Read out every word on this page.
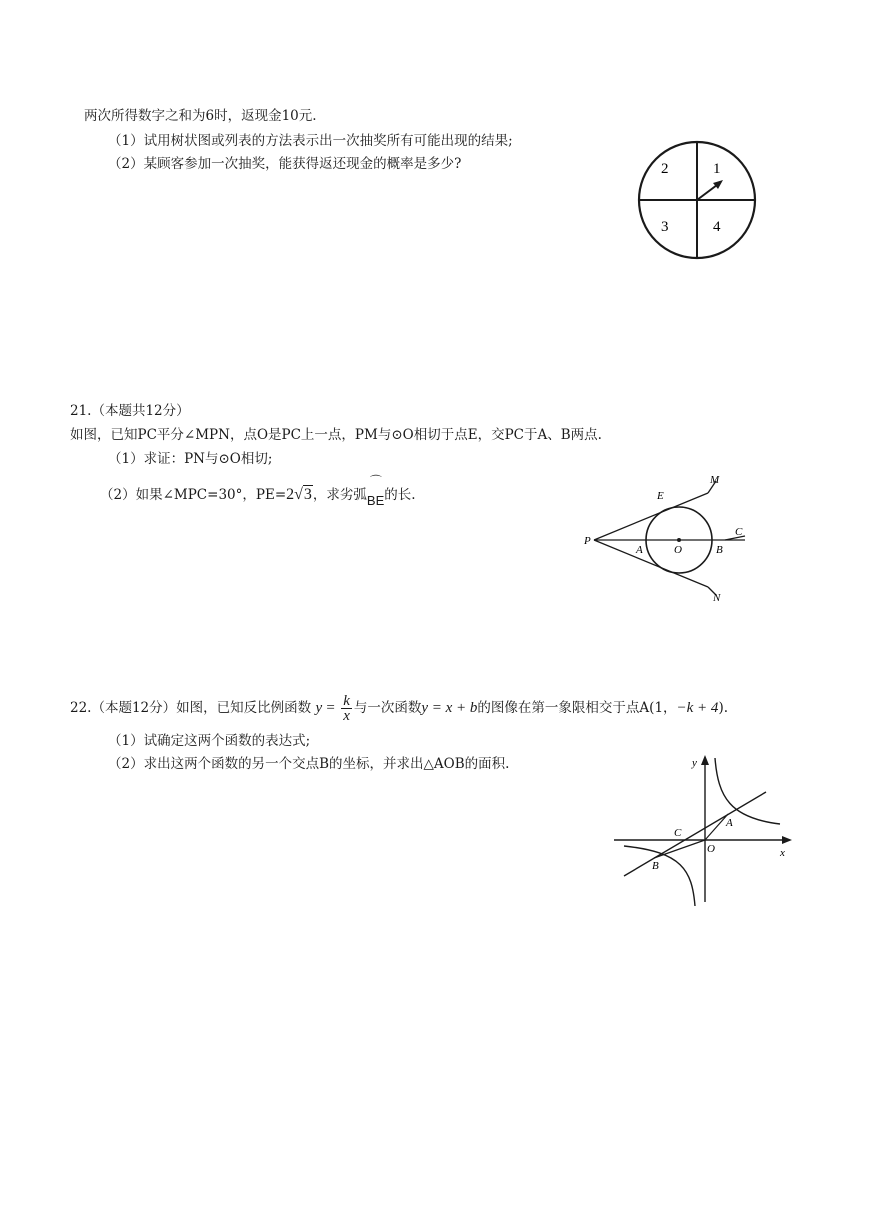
两次所得数字之和为6时，返现金10元.
（1）试用树状图或列表的方法表示出一次抽奖所有可能出现的结果;
（2）某顾客参加一次抽奖，能获得返还现金的概率是多少?	2	1
3	4
21.（本题共12分）
如图，已知PC平分∠MPN，点O是PC上一点，PM与⊙O相切于点E，交PC于A、B两点.
（1）求证：PN与⊙O相切;
（2）如果∠MPC=30°，PE=2√3，求劣弧⌒ BE的长.
P
E
M
A	O	B
C
N
22.（本题12分）如图，已知反比例函数 $y = \frac{k}{x}$ 与一次函数y = x + b的图像在第一象限相交于点A(1，−k + 4).
（1）试确定这两个函数的表达式;
（2）求出这两个函数的另一个交点B的坐标，并求出△AOB的面积.	y
x
A
B
C
O
